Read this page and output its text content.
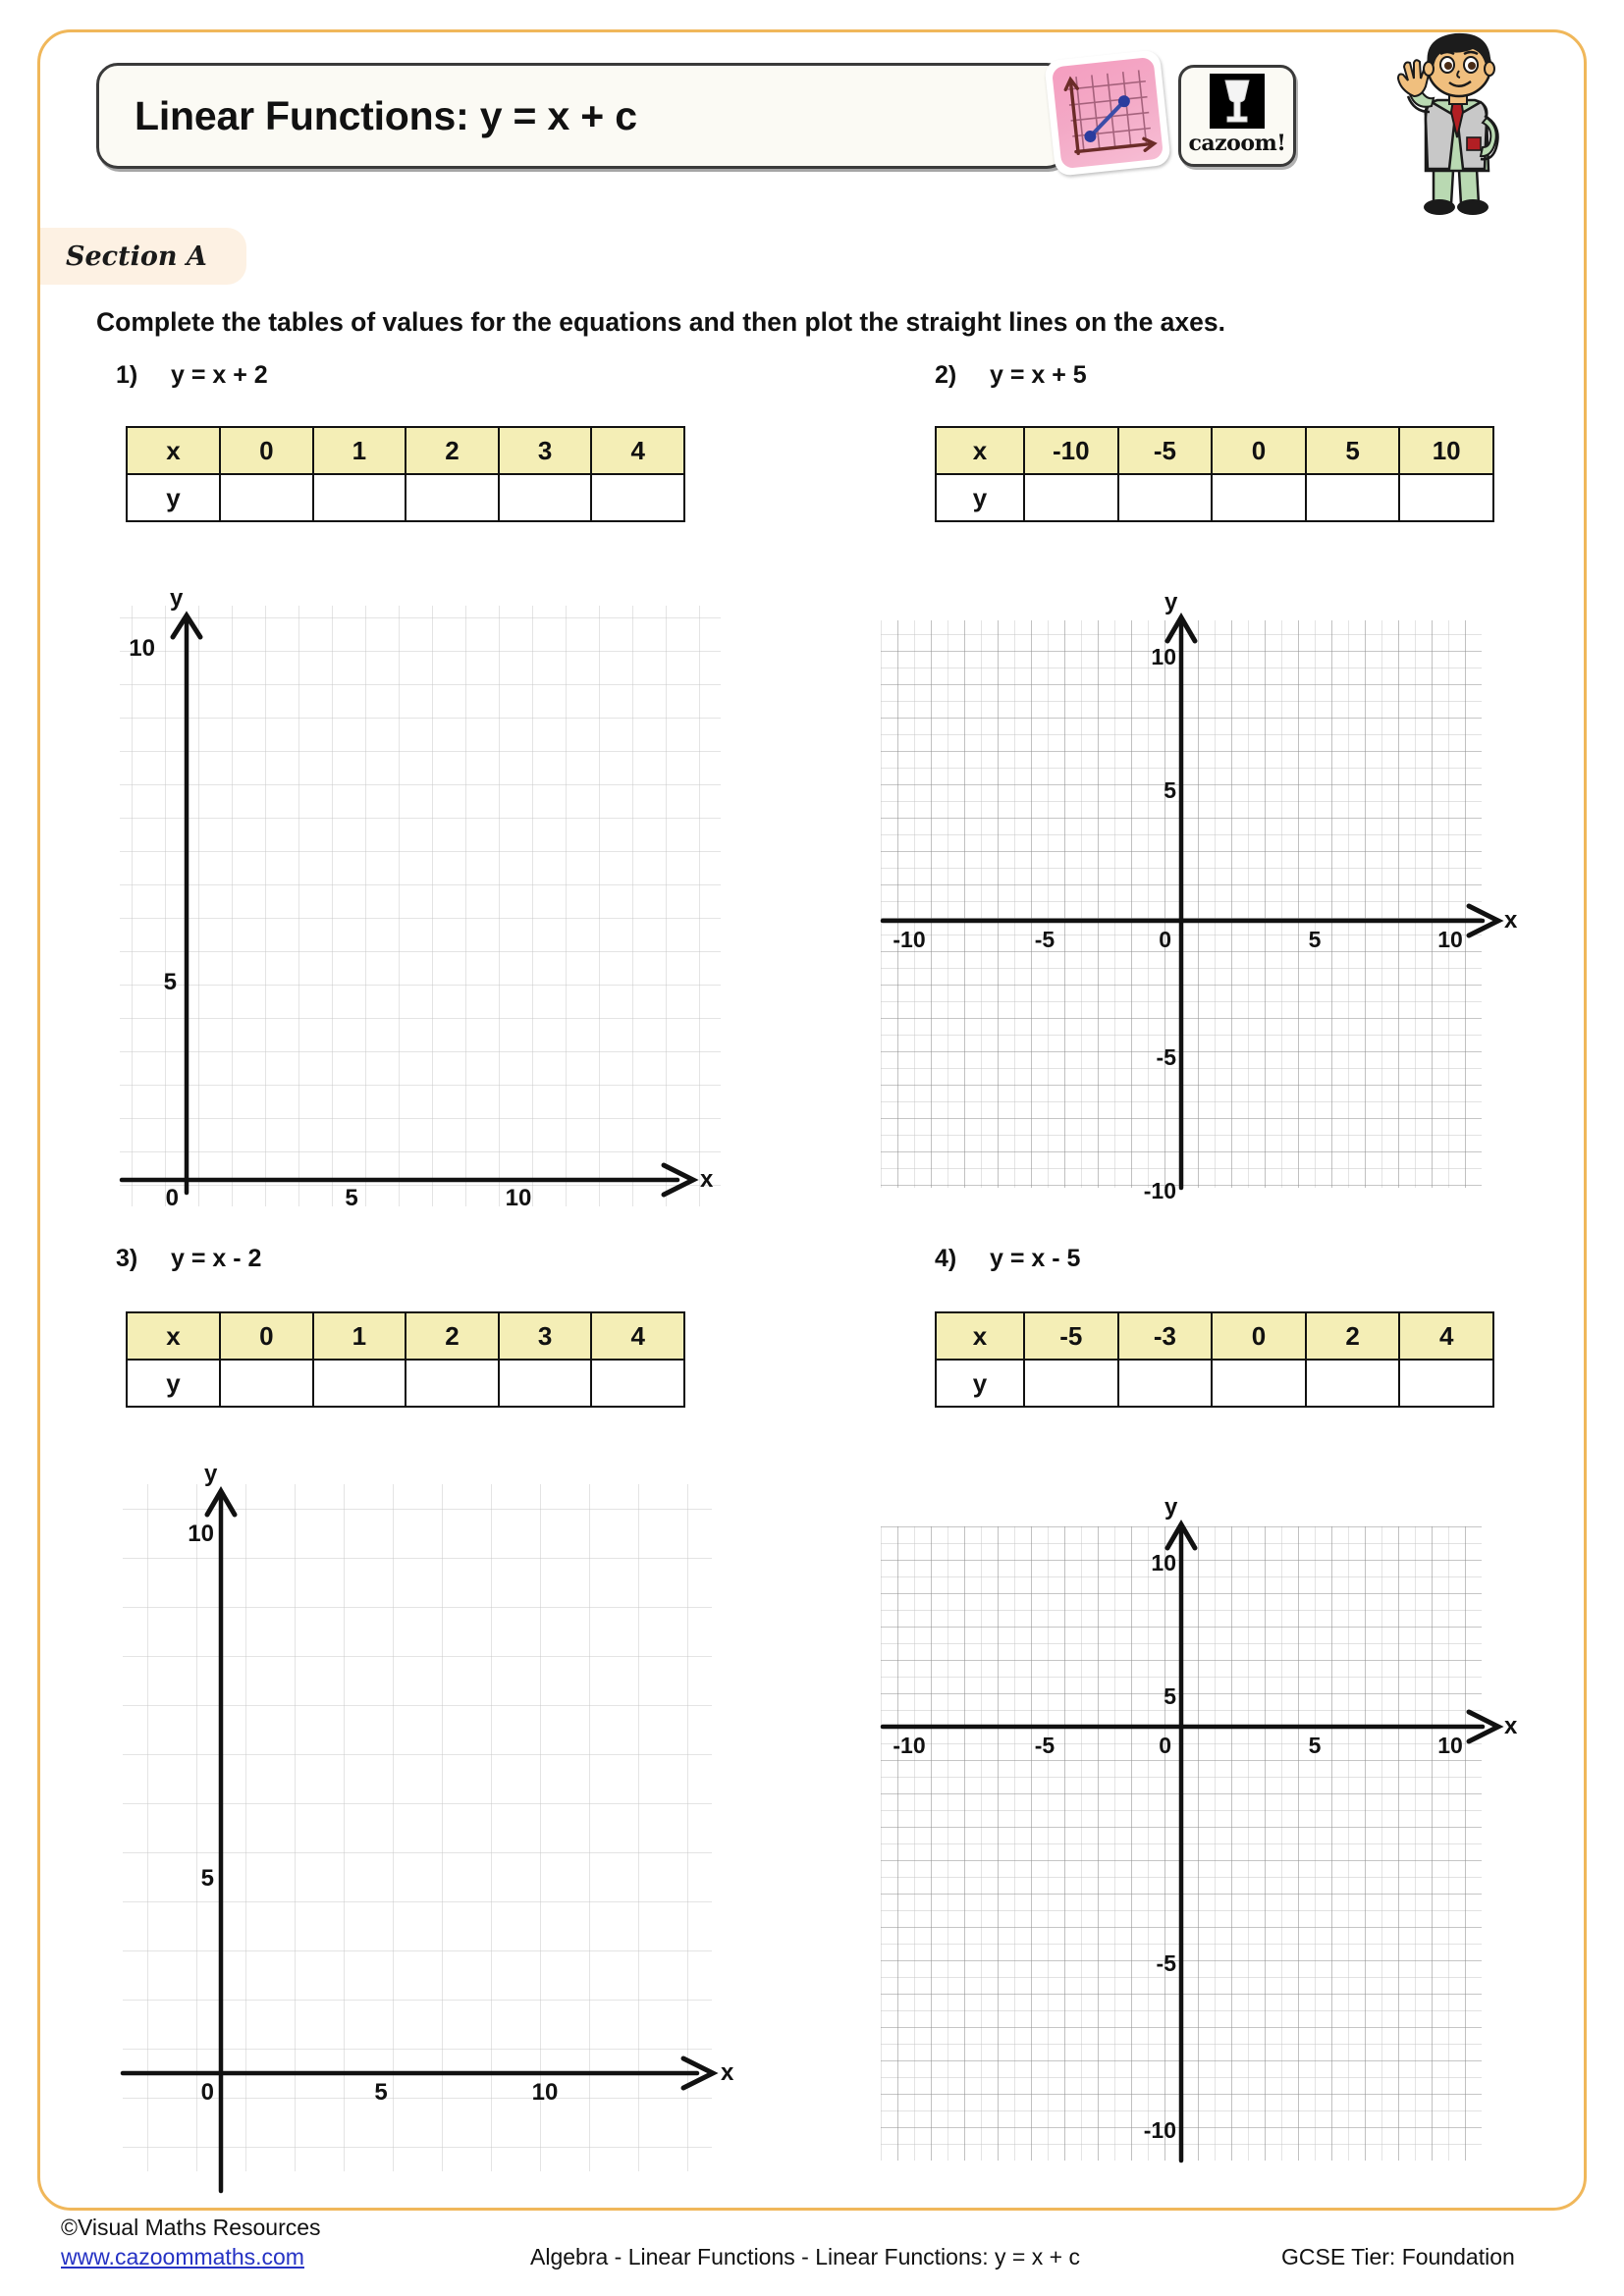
Linear Functions: y = x + c
cazoom!
Section A
Complete the tables of values for the equations and then plot the straight lines on the axes.
1) y = x + 2
x	0	1	2	3	4
y					
y
x
10
5
0	5	10
2) y = x + 5
x	-10	-5	0	5	10
y					
y
x
10
5
-5
-10
-10	-5	0	5	10
3) y = x - 2
x	0	1	2	3	4
y					
y
x
10
5
0	5	10
4) y = x - 5
x	-5	-3	0	2	4
y					
y
x
10
5
-5
-10
-10	-5	0	5	10
©Visual Maths Resources
www.cazoommaths.com	Algebra - Linear Functions - Linear Functions: y = x + c	GCSE Tier: Foundation
